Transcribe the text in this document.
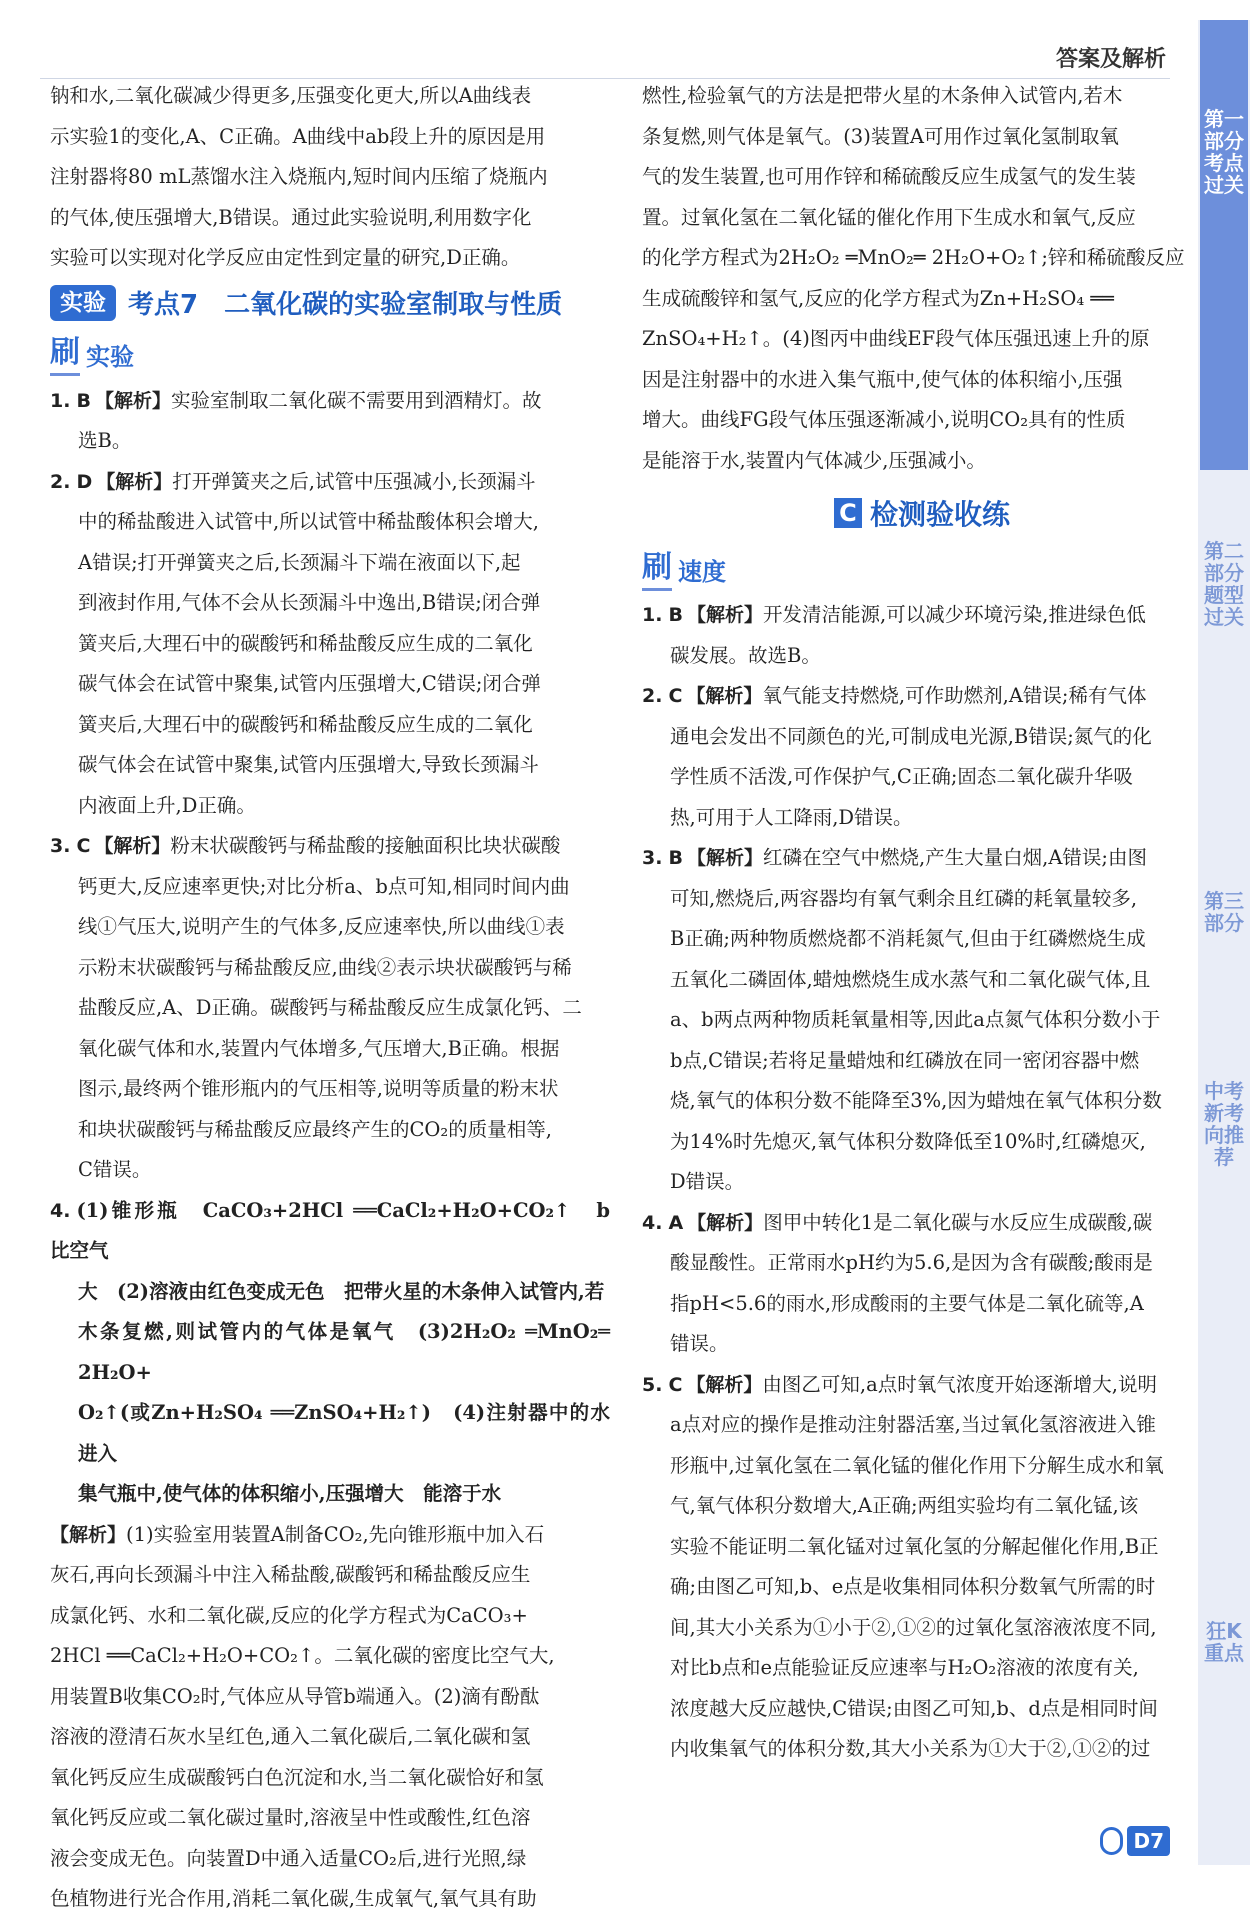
答案及解析
第一部分 考点过关
第二部分 题型过关
第三部分
中考新考向推荐
狂K重点

钠和水,二氧化碳减少得更多,压强变化更大,所以A曲线表

示实验1的变化,A、C正确。A曲线中ab段上升的原因是用

注射器将80 mL蒸馏水注入烧瓶内,短时间内压缩了烧瓶内

的气体,使压强增大,B错误。通过此实验说明,利用数字化

实验可以实现对化学反应由定性到定量的研究,D正确。

实验 考点7　二氧化碳的实验室制取与性质
刷 实验

1. B 【解析】实验室制取二氧化碳不需要用到酒精灯。故

选B。

2. D 【解析】打开弹簧夹之后,试管中压强减小,长颈漏斗

中的稀盐酸进入试管中,所以试管中稀盐酸体积会增大,

A错误;打开弹簧夹之后,长颈漏斗下端在液面以下,起

到液封作用,气体不会从长颈漏斗中逸出,B错误;闭合弹

簧夹后,大理石中的碳酸钙和稀盐酸反应生成的二氧化

碳气体会在试管中聚集,试管内压强增大,C错误;闭合弹

簧夹后,大理石中的碳酸钙和稀盐酸反应生成的二氧化

碳气体会在试管中聚集,试管内压强增大,导致长颈漏斗

内液面上升,D正确。

3. C 【解析】粉末状碳酸钙与稀盐酸的接触面积比块状碳酸

钙更大,反应速率更快;对比分析a、b点可知,相同时间内曲

线①气压大,说明产生的气体多,反应速率快,所以曲线①表

示粉末状碳酸钙与稀盐酸反应,曲线②表示块状碳酸钙与稀

盐酸反应,A、D正确。碳酸钙与稀盐酸反应生成氯化钙、二

氧化碳气体和水,装置内气体增多,气压增大,B正确。根据

图示,最终两个锥形瓶内的气压相等,说明等质量的粉末状

和块状碳酸钙与稀盐酸反应最终产生的CO₂的质量相等,

C错误。

4. (1)锥形瓶　CaCO₃+2HCl ══CaCl₂+H₂O+CO₂↑　b　比空气

大　(2)溶液由红色变成无色　把带火星的木条伸入试管内,若

木条复燃,则试管内的气体是氧气　(3)2H₂O₂ ═MnO₂═ 2H₂O+

O₂↑(或Zn+H₂SO₄ ══ZnSO₄+H₂↑)　(4)注射器中的水进入

集气瓶中,使气体的体积缩小,压强增大　能溶于水

【解析】(1)实验室用装置A制备CO₂,先向锥形瓶中加入石

灰石,再向长颈漏斗中注入稀盐酸,碳酸钙和稀盐酸反应生

成氯化钙、水和二氧化碳,反应的化学方程式为CaCO₃+

2HCl ══CaCl₂+H₂O+CO₂↑。二氧化碳的密度比空气大,

用装置B收集CO₂时,气体应从导管b端通入。(2)滴有酚酞

溶液的澄清石灰水呈红色,通入二氧化碳后,二氧化碳和氢

氧化钙反应生成碳酸钙白色沉淀和水,当二氧化碳恰好和氢

氧化钙反应或二氧化碳过量时,溶液呈中性或酸性,红色溶

液会变成无色。向装置D中通入适量CO₂后,进行光照,绿

色植物进行光合作用,消耗二氧化碳,生成氧气,氧气具有助

燃性,检验氧气的方法是把带火星的木条伸入试管内,若木

条复燃,则气体是氧气。(3)装置A可用作过氧化氢制取氧

气的发生装置,也可用作锌和稀硫酸反应生成氢气的发生装

置。过氧化氢在二氧化锰的催化作用下生成水和氧气,反应

的化学方程式为2H₂O₂ ═MnO₂═ 2H₂O+O₂↑;锌和稀硫酸反应

生成硫酸锌和氢气,反应的化学方程式为Zn+H₂SO₄ ══

ZnSO₄+H₂↑。(4)图丙中曲线EF段气体压强迅速上升的原

因是注射器中的水进入集气瓶中,使气体的体积缩小,压强

增大。曲线FG段气体压强逐渐减小,说明CO₂具有的性质

是能溶于水,装置内气体减少,压强减小。

C 检测验收练
刷 速度

1. B 【解析】开发清洁能源,可以减少环境污染,推进绿色低

碳发展。故选B。

2. C 【解析】氧气能支持燃烧,可作助燃剂,A错误;稀有气体

通电会发出不同颜色的光,可制成电光源,B错误;氮气的化

学性质不活泼,可作保护气,C正确;固态二氧化碳升华吸

热,可用于人工降雨,D错误。

3. B 【解析】红磷在空气中燃烧,产生大量白烟,A错误;由图

可知,燃烧后,两容器均有氧气剩余且红磷的耗氧量较多,

B正确;两种物质燃烧都不消耗氮气,但由于红磷燃烧生成

五氧化二磷固体,蜡烛燃烧生成水蒸气和二氧化碳气体,且

a、b两点两种物质耗氧量相等,因此a点氮气体积分数小于

b点,C错误;若将足量蜡烛和红磷放在同一密闭容器中燃

烧,氧气的体积分数不能降至3%,因为蜡烛在氧气体积分数

为14%时先熄灭,氧气体积分数降低至10%时,红磷熄灭,

D错误。

4. A 【解析】图甲中转化1是二氧化碳与水反应生成碳酸,碳

酸显酸性。正常雨水pH约为5.6,是因为含有碳酸;酸雨是

指pH<5.6的雨水,形成酸雨的主要气体是二氧化硫等,A

错误。

5. C 【解析】由图乙可知,a点时氧气浓度开始逐渐增大,说明

a点对应的操作是推动注射器活塞,当过氧化氢溶液进入锥

形瓶中,过氧化氢在二氧化锰的催化作用下分解生成水和氧

气,氧气体积分数增大,A正确;两组实验均有二氧化锰,该

实验不能证明二氧化锰对过氧化氢的分解起催化作用,B正

确;由图乙可知,b、e点是收集相同体积分数氧气所需的时

间,其大小关系为①小于②,①②的过氧化氢溶液浓度不同,

对比b点和e点能验证反应速率与H₂O₂溶液的浓度有关,

浓度越大反应越快,C错误;由图乙可知,b、d点是相同时间

内收集氧气的体积分数,其大小关系为①大于②,①②的过

D7
